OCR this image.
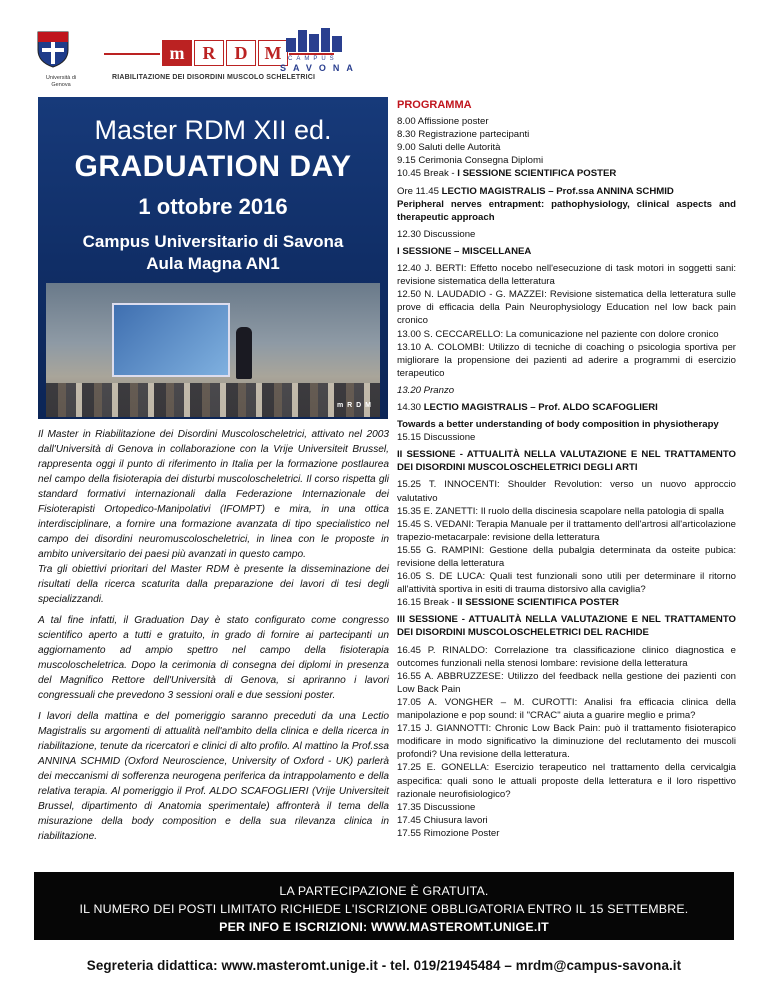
Università di Genova
m	R	D M
RIABILITAZIONE DEI DISORDINI MUSCOLO SCHELETRICI
CAMPUS
SAVONA
Master RDM XII ed.
GRADUATION DAY
1 ottobre 2016
Campus Universitario di Savona
Aula Magna AN1
m R D M

Il Master in Riabilitazione dei Disordini Muscoloscheletrici, attivato nel 2003 dall'Università di Genova in collaborazione con la Vrije Universiteit Brussel, rappresenta oggi il punto di riferimento in Italia per la formazione postlaurea nel campo della fisioterapia dei disturbi muscoloscheletrici. Il corso rispetta gli standard formativi internazionali dalla Federazione Internazionale dei Fisioterapisti Ortopedico-Manipolativi (IFOMPT) e mira, in una ottica interdisciplinare, a fornire una formazione avanzata di tipo specialistico nel campo dei disordini neuromuscoloscheletrici, in linea con le proposte in ambito universitario dei paesi più avanzati in questo campo.
Tra gli obiettivi prioritari del Master RDM è presente la disseminazione dei risultati della ricerca scaturita dalla preparazione dei lavori di tesi degli specializzandi.

A tal fine infatti, il Graduation Day è stato configurato come congresso scientifico aperto a tutti e gratuito, in grado di fornire ai partecipanti un aggiornamento ad ampio spettro nel campo della fisioterapia muscoloscheletrica. Dopo la cerimonia di consegna dei diplomi in presenza del Magnifico Rettore dell'Università di Genova, si apriranno i lavori congressuali che prevedono 3 sessioni orali e due sessioni poster.

I lavori della mattina e del pomeriggio saranno preceduti da una Lectio Magistralis su argomenti di attualità nell'ambito della clinica e della ricerca in riabilitazione, tenute da ricercatori e clinici di alto profilo. Al mattino la Prof.ssa ANNINA SCHMID (Oxford Neuroscience, University of Oxford - UK) parlerà dei meccanismi di sofferenza neurogena periferica da intrappolamento e della relativa terapia. Al pomeriggio il Prof. ALDO SCAFOGLIERI (Vrije Universiteit Brussel, dipartimento di Anatomia sperimentale) affronterà il tema della misurazione della body composition e della sua rilevanza clinica in riabilitazione.

PROGRAMMA
8.00 Affissione poster
8.30 Registrazione partecipanti
9.00 Saluti delle Autorità
9.15 Cerimonia Consegna Diplomi
10.45 Break - I SESSIONE SCIENTIFICA POSTER
Ore 11.45 LECTIO MAGISTRALIS – Prof.ssa ANNINA SCHMID
Peripheral nerves entrapment: pathophysiology, clinical aspects and therapeutic approach
12.30 Discussione
I SESSIONE – MISCELLANEA
12.40 J. BERTI: Effetto nocebo nell'esecuzione di task motori in soggetti sani: revisione sistematica della letteratura
12.50 N. LAUDADIO - G. MAZZEI: Revisione sistematica della letteratura sulle prove di efficacia della Pain Neurophysiology Education nel low back pain cronico
13.00 S. CECCARELLO: La comunicazione nel paziente con dolore cronico
13.10 A. COLOMBI: Utilizzo di tecniche di coaching o psicologia sportiva per migliorare la propensione dei pazienti ad aderire a programmi di esercizio terapeutico
13.20 Pranzo
14.30 LECTIO MAGISTRALIS – Prof. ALDO SCAFOGLIERI
Towards a better understanding of body composition in physiotherapy
15.15 Discussione
II SESSIONE - ATTUALITÀ NELLA VALUTAZIONE E NEL TRATTAMENTO DEI DISORDINI MUSCOLOSCHELETRICI DEGLI ARTI
15.25 T. INNOCENTI: Shoulder Revolution: verso un nuovo approccio valutativo
15.35 E. ZANETTI: Il ruolo della discinesia scapolare nella patologia di spalla
15.45 S. VEDANI: Terapia Manuale per il trattamento dell'artrosi all'articolazione trapezio-metacarpale: revisione della letteratura
15.55 G. RAMPINI: Gestione della pubalgia determinata da osteite pubica: revisione della letteratura
16.05 S. DE LUCA: Quali test funzionali sono utili per determinare il ritorno all'attività sportiva in esiti di trauma distorsivo alla caviglia?
16.15 Break - II SESSIONE SCIENTIFICA POSTER
III SESSIONE - ATTUALITÀ NELLA VALUTAZIONE E NEL TRATTAMENTO DEI DISORDINI MUSCOLOSCHELETRICI DEL RACHIDE
16.45 P. RINALDO: Correlazione tra classificazione clinico diagnostica e outcomes funzionali nella stenosi lombare: revisione della letteratura
16.55 A. ABBRUZZESE: Utilizzo del feedback nella gestione dei pazienti con Low Back Pain
17.05 A. VONGHER – M. CUROTTI: Analisi fra efficacia clinica della manipolazione e pop sound: il "CRAC" aiuta a guarire meglio e prima?
17.15 J. GIANNOTTI: Chronic Low Back Pain: può il trattamento fisioterapico modificare in modo significativo la diminuzione del reclutamento dei muscoli profondi? Una revisione della letteratura.
17.25 E. GONELLA: Esercizio terapeutico nel trattamento della cervicalgia aspecifica: quali sono le attuali proposte della letteratura e il loro rispettivo razionale neurofisiologico?
17.35 Discussione
17.45 Chiusura lavori
17.55 Rimozione Poster
LA PARTECIPAZIONE È GRATUITA.
IL NUMERO DEI POSTI LIMITATO RICHIEDE L'ISCRIZIONE OBBLIGATORIA ENTRO IL 15 SETTEMBRE.
PER INFO E ISCRIZIONI: WWW.MASTEROMT.UNIGE.IT
Segreteria didattica: www.masteromt.unige.it - tel. 019/21945484 – mrdm@campus-savona.it
